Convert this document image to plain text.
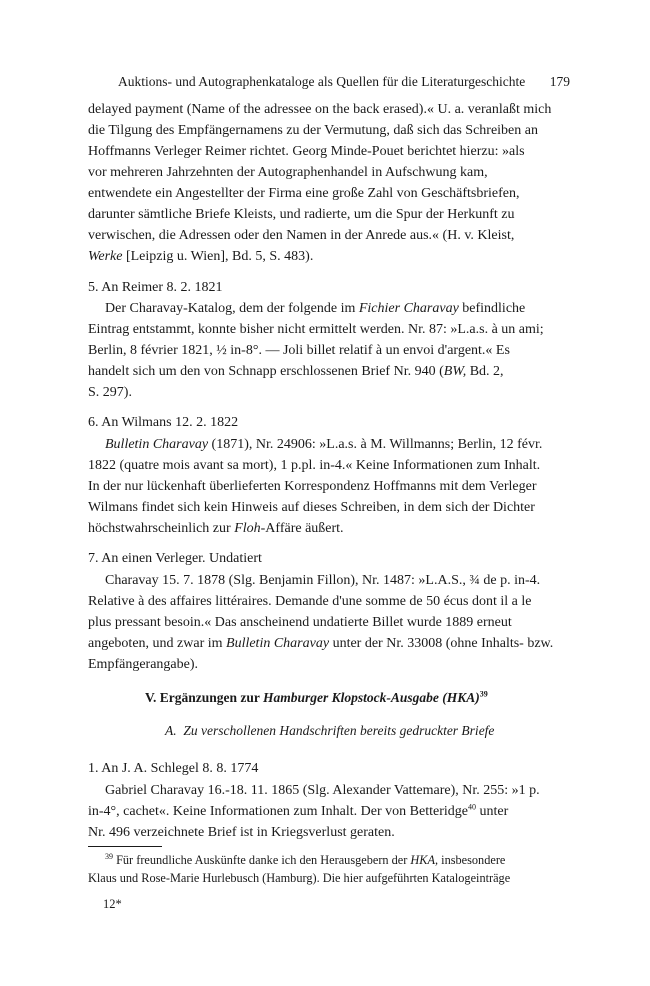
Auktions- und Autographenkataloge als Quellen für die Literaturgeschichte 179

delayed payment (Name of the adressee on the back erased).« U. a. veranlaßt mich

die Tilgung des Empfängernamens zu der Vermutung, daß sich das Schreiben an

Hoffmanns Verleger Reimer richtet. Georg Minde-Pouet berichtet hierzu: »als

vor mehreren Jahrzehnten der Autographenhandel in Aufschwung kam,

entwendete ein Angestellter der Firma eine große Zahl von Geschäftsbriefen,

darunter sämtliche Briefe Kleists, und radierte, um die Spur der Herkunft zu

verwischen, die Adressen oder den Namen in der Anrede aus.« (H. v. Kleist,

Werke [Leipzig u. Wien], Bd. 5, S. 483).

5. An Reimer 8. 2. 1821

Der Charavay-Katalog, dem der folgende im Fichier Charavay befindliche

Eintrag entstammt, konnte bisher nicht ermittelt werden. Nr. 87: »L.a.s. à un ami;

Berlin, 8 février 1821, ½ in-8°. — Joli billet relatif à un envoi d'argent.« Es

handelt sich um den von Schnapp erschlossenen Brief Nr. 940 (BW, Bd. 2,

S. 297).

6. An Wilmans 12. 2. 1822

Bulletin Charavay (1871), Nr. 24906: »L.a.s. à M. Willmanns; Berlin, 12 févr.

1822 (quatre mois avant sa mort), 1 p.pl. in-4.« Keine Informationen zum Inhalt.

In der nur lückenhaft überlieferten Korrespondenz Hoffmanns mit dem Verleger

Wilmans findet sich kein Hinweis auf dieses Schreiben, in dem sich der Dichter

höchstwahrscheinlich zur Floh-Affäre äußert.

7. An einen Verleger. Undatiert

Charavay 15. 7. 1878 (Slg. Benjamin Fillon), Nr. 1487: »L.A.S., ¾ de p. in-4.

Relative à des affaires littéraires. Demande d'une somme de 50 écus dont il a le

plus pressant besoin.« Das anscheinend undatierte Billet wurde 1889 erneut

angeboten, und zwar im Bulletin Charavay unter der Nr. 33008 (ohne Inhalts- bzw.

Empfängerangabe).

V. Ergänzungen zur Hamburger Klopstock-Ausgabe (HKA)$^{39}$
A. Zu verschollenen Handschriften bereits gedruckter Briefe
1. An J. A. Schlegel 8. 8. 1774

Gabriel Charavay 16.-18. 11. 1865 (Slg. Alexander Vattemare), Nr. 255: »1 p.

in-4°, cachet«. Keine Informationen zum Inhalt. Der von Betteridge$^{40}$ unter

Nr. 496 verzeichnete Brief ist in Kriegsverlust geraten.

$^{39}$ Für freundliche Auskünfte danke ich den Herausgebern der HKA, insbesondere

Klaus und Rose-Marie Hurlebusch (Hamburg). Die hier aufgeführten Katalogeinträge

12*
